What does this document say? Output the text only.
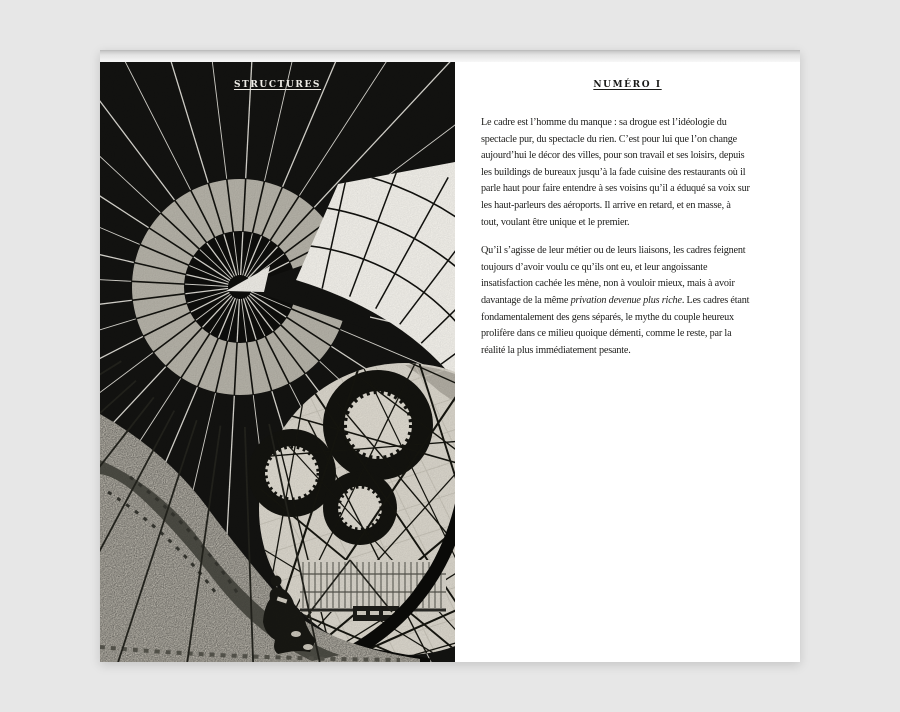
STRUCTURES	NUMÉRO I
Le cadre est l’homme du manque : sa drogue est l’idéologie du
spectacle pur, du spectacle du rien. C’est pour lui que l’on change
aujourd’hui le décor des villes, pour son travail et ses loisirs, depuis
les buildings de bureaux jusqu’à la fade cuisine des restaurants où il
parle haut pour faire entendre à ses voisins qu’il a éduqué sa voix sur
les haut-parleurs des aéroports. Il arrive en retard, et en masse, à
tout, voulant être unique et le premier.
Qu’il s’agisse de leur métier ou de leurs liaisons, les cadres feignent
toujours d’avoir voulu ce qu’ils ont eu, et leur angoissante
insatisfaction cachée les mène, non à vouloir mieux, mais à avoir
davantage de la même privation devenue plus riche. Les cadres étant
fondamentalement des gens séparés, le mythe du couple heureux
prolifère dans ce milieu quoique démenti, comme le reste, par la
réalité la plus immédiatement pesante.
